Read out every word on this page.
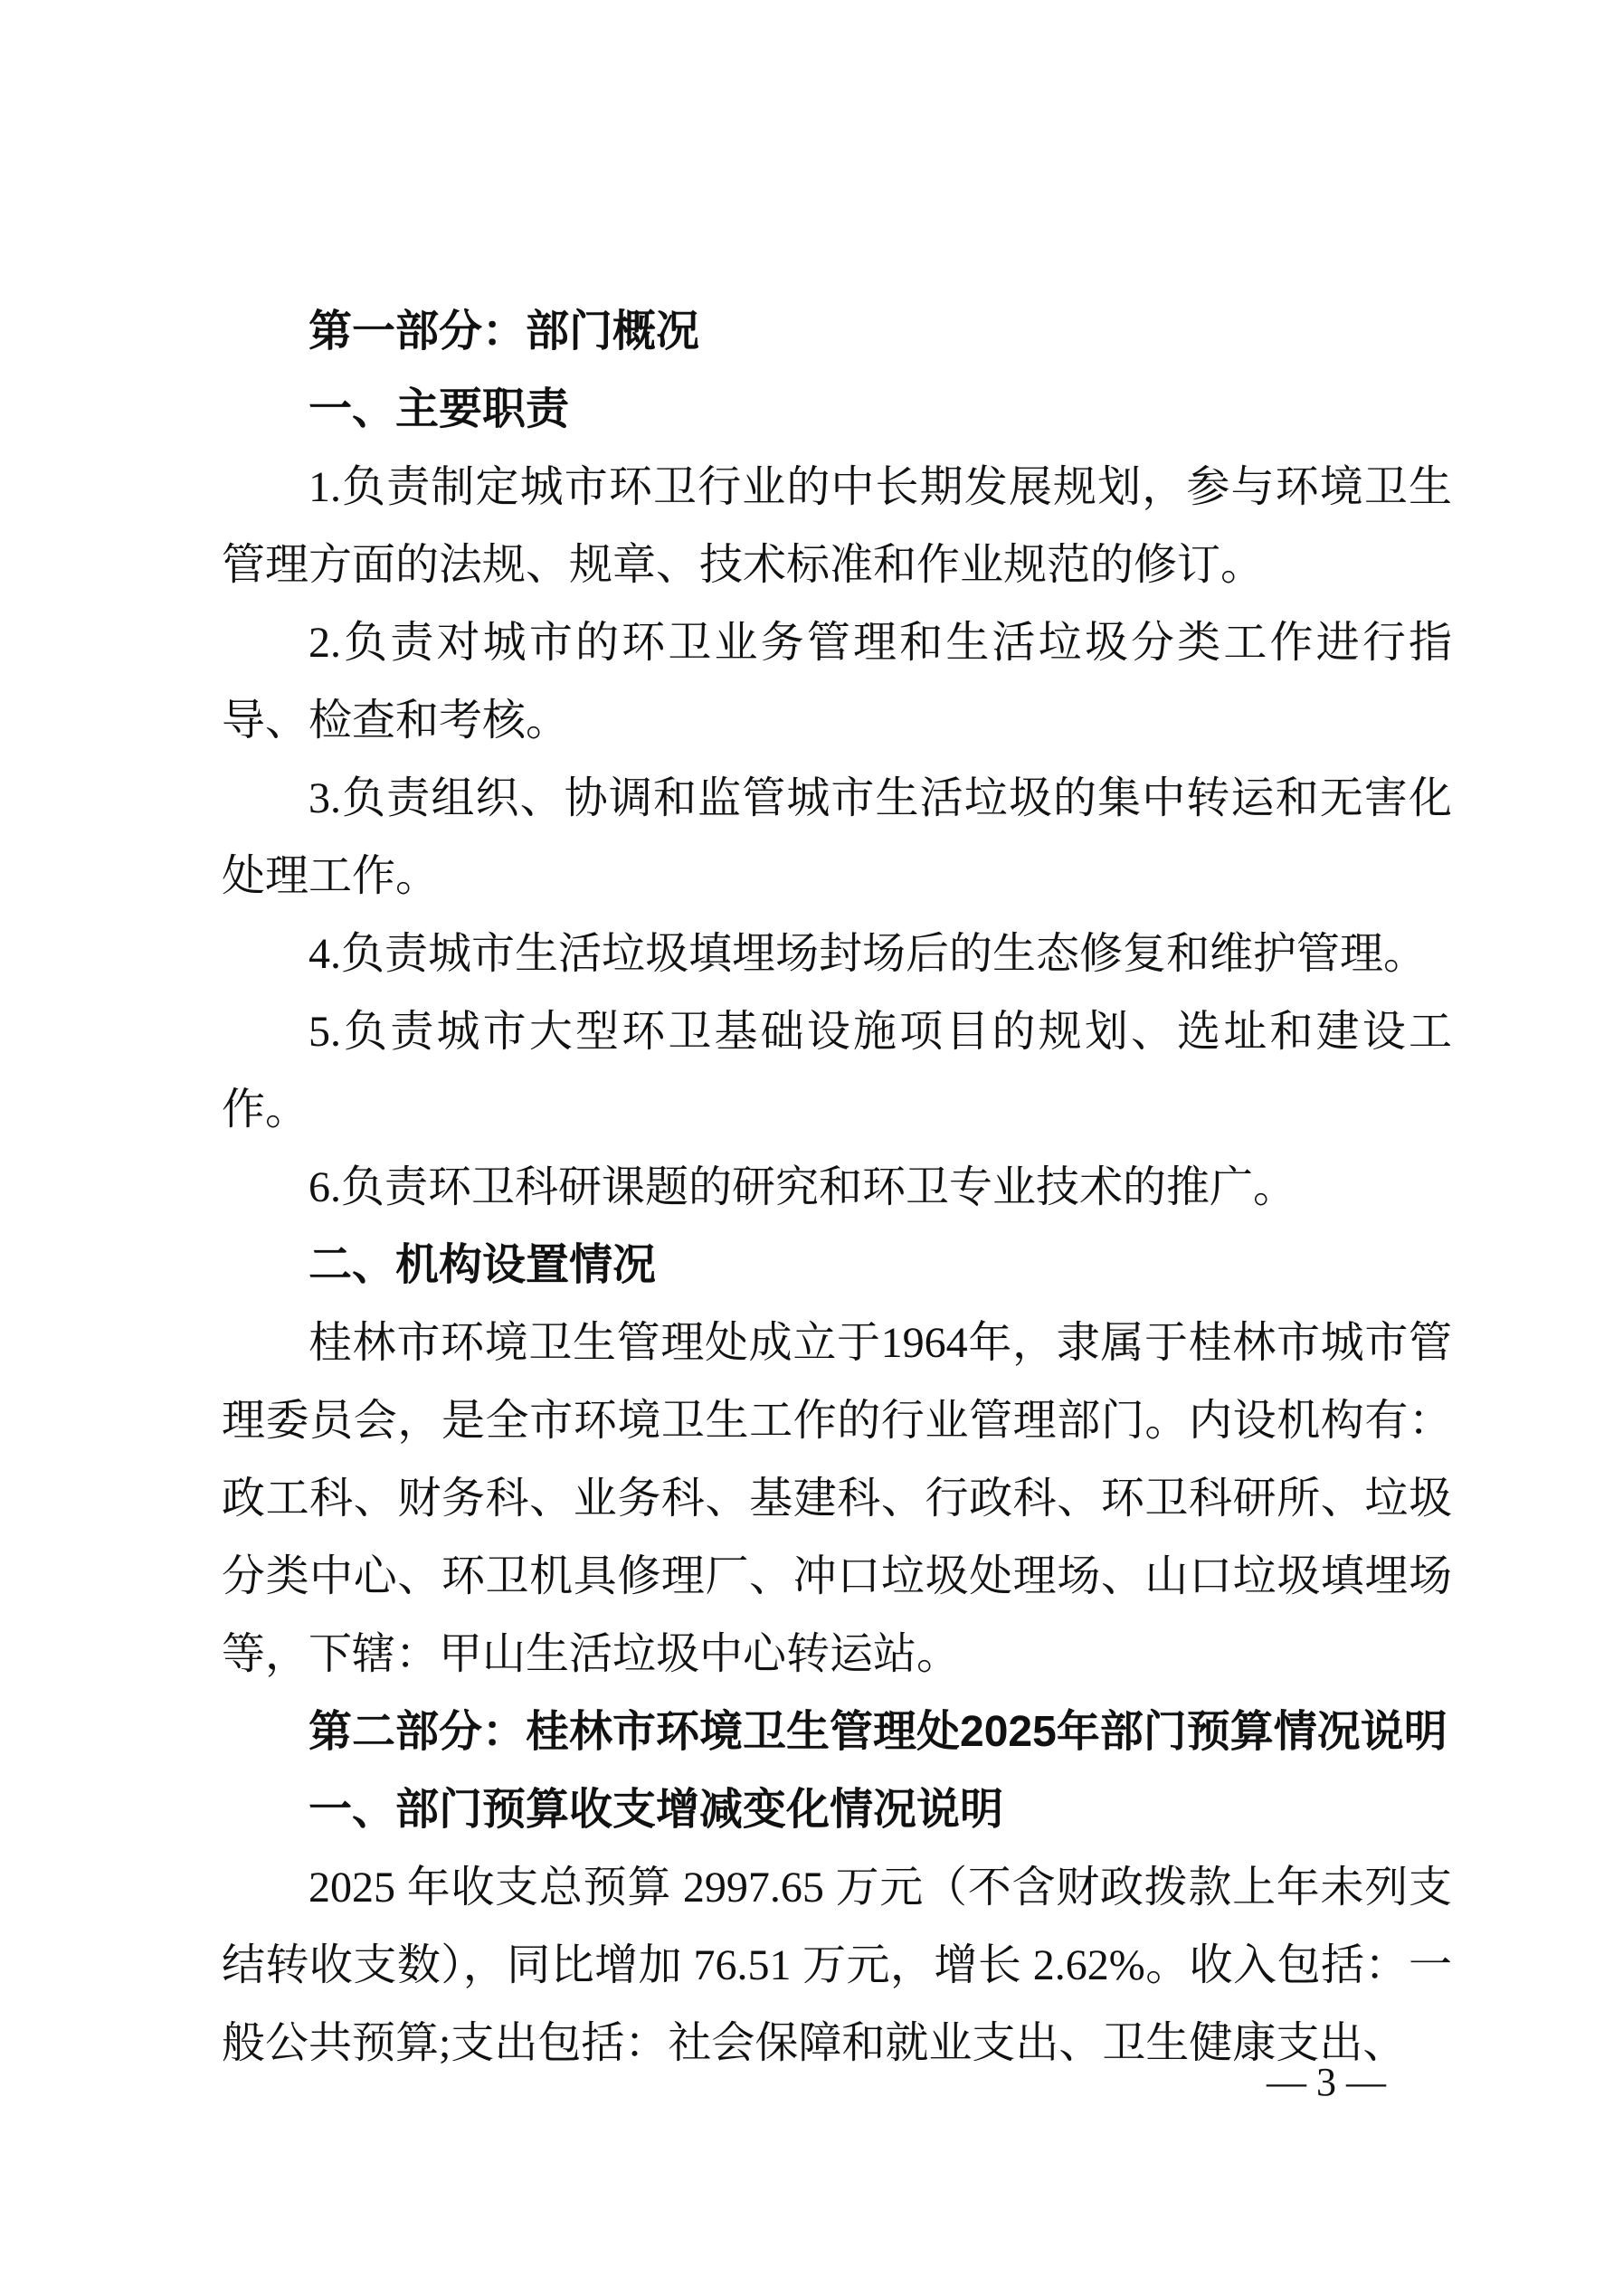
第一部分：部门概况
一、主要职责
1.负责制定城市环卫行业的中长期发展规划，参与环境卫生管理方面的法规、规章、技术标准和作业规范的修订。
2.负责对城市的环卫业务管理和生活垃圾分类工作进行指导、检查和考核。
3.负责组织、协调和监管城市生活垃圾的集中转运和无害化处理工作。
4.负责城市生活垃圾填埋场封场后的生态修复和维护管理。
5.负责城市大型环卫基础设施项目的规划、选址和建设工作。
6.负责环卫科研课题的研究和环卫专业技术的推广。
二、机构设置情况
桂林市环境卫生管理处成立于1964年，隶属于桂林市城市管理委员会，是全市环境卫生工作的行业管理部门。内设机构有：政工科、财务科、业务科、基建科、行政科、环卫科研所、垃圾分类中心、环卫机具修理厂、冲口垃圾处理场、山口垃圾填埋场等，下辖：甲山生活垃圾中心转运站。
第二部分：桂林市环境卫生管理处2025年部门预算情况说明
一、部门预算收支增减变化情况说明
2025 年收支总预算 2997.65 万元（不含财政拨款上年未列支结转收支数），同比增加 76.51 万元，增长 2.62%。收入包括：一般公共预算;支出包括：社会保障和就业支出、卫生健康支出、
— 3 —
